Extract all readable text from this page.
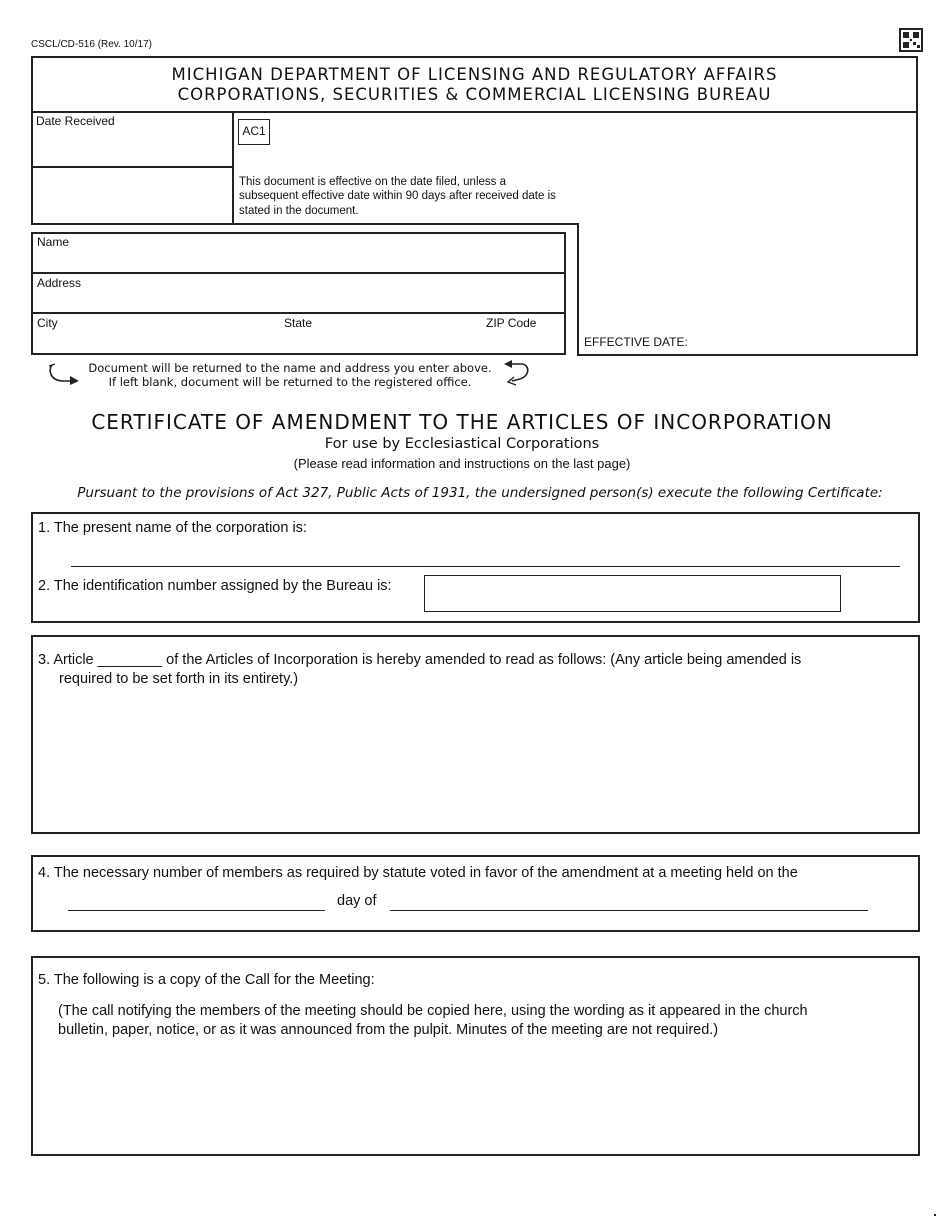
CSCL/CD-516 (Rev. 10/17)
MICHIGAN DEPARTMENT OF LICENSING AND REGULATORY AFFAIRS
CORPORATIONS, SECURITIES & COMMERCIAL LICENSING BUREAU
Date Received
AC1
This document is effective on the date filed, unless a subsequent effective date within 90 days after received date is stated in the document.
EFFECTIVE DATE:
Name
Address
City	State	ZIP Code
Document will be returned to the name and address you enter above.
If left blank, document will be returned to the registered office.
CERTIFICATE OF AMENDMENT TO THE ARTICLES OF INCORPORATION
For use by Ecclesiastical Corporations
(Please read information and instructions on the last page)
Pursuant to the provisions of Act 327, Public Acts of 1931, the undersigned person(s) execute the following Certificate:
1. The present name of the corporation is:
2. The identification number assigned by the Bureau is:
3. Article ________ of the Articles of Incorporation is hereby amended to read as follows: (Any article being amended is
required to be set forth in its entirety.)
4. The necessary number of members as required by statute voted in favor of the amendment at a meeting held on the
day of
5. The following is a copy of the Call for the Meeting:
(The call notifying the members of the meeting should be copied here, using the wording as it appeared in the church
bulletin, paper, notice, or as it was announced from the pulpit. Minutes of the meeting are not required.)
